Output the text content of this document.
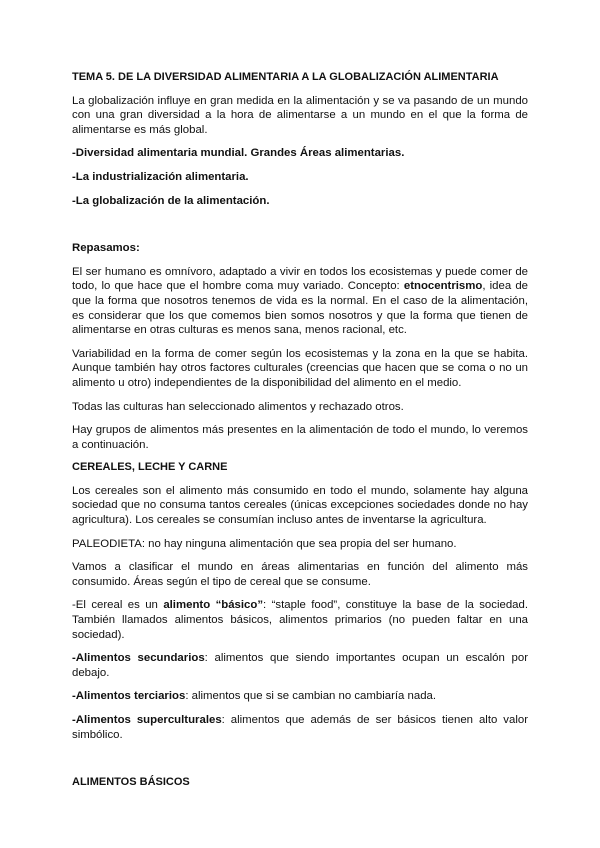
TEMA 5. DE LA DIVERSIDAD ALIMENTARIA A LA GLOBALIZACIÓN ALIMENTARIA

La globalización influye en gran medida en la alimentación y se va pasando de un mundo con una gran diversidad a la hora de alimentarse a un mundo en el que la forma de alimentarse es más global.

-Diversidad alimentaria mundial. Grandes Áreas alimentarias.

-La industrialización alimentaria.

-La globalización de la alimentación.

Repasamos:

El ser humano es omnívoro, adaptado a vivir en todos los ecosistemas y puede comer de todo, lo que hace que el hombre coma muy variado. Concepto: etnocentrismo, idea de que la forma que nosotros tenemos de vida es la normal. En el caso de la alimentación, es considerar que los que comemos bien somos nosotros y que la forma que tienen de alimentarse en otras culturas es menos sana, menos racional, etc.

Variabilidad en la forma de comer según los ecosistemas y la zona en la que se habita. Aunque también hay otros factores culturales (creencias que hacen que se coma o no un alimento u otro) independientes de la disponibilidad del alimento en el medio.

Todas las culturas han seleccionado alimentos y rechazado otros.

Hay grupos de alimentos más presentes en la alimentación de todo el mundo, lo veremos a continuación.

CEREALES, LECHE Y CARNE

Los cereales son el alimento más consumido en todo el mundo, solamente hay alguna sociedad que no consuma tantos cereales (únicas excepciones sociedades donde no hay agricultura). Los cereales se consumían incluso antes de inventarse la agricultura.

PALEODIETA: no hay ninguna alimentación que sea propia del ser humano.

Vamos a clasificar el mundo en áreas alimentarias en función del alimento más consumido. Áreas según el tipo de cereal que se consume.

-El cereal es un alimento “básico”: “staple food”, constituye la base de la sociedad. También llamados alimentos básicos, alimentos primarios (no pueden faltar en una sociedad).

-Alimentos secundarios: alimentos que siendo importantes ocupan un escalón por debajo.

-Alimentos terciarios: alimentos que si se cambian no cambiaría nada.

-Alimentos superculturales: alimentos que además de ser básicos tienen alto valor simbólico.

ALIMENTOS BÁSICOS
